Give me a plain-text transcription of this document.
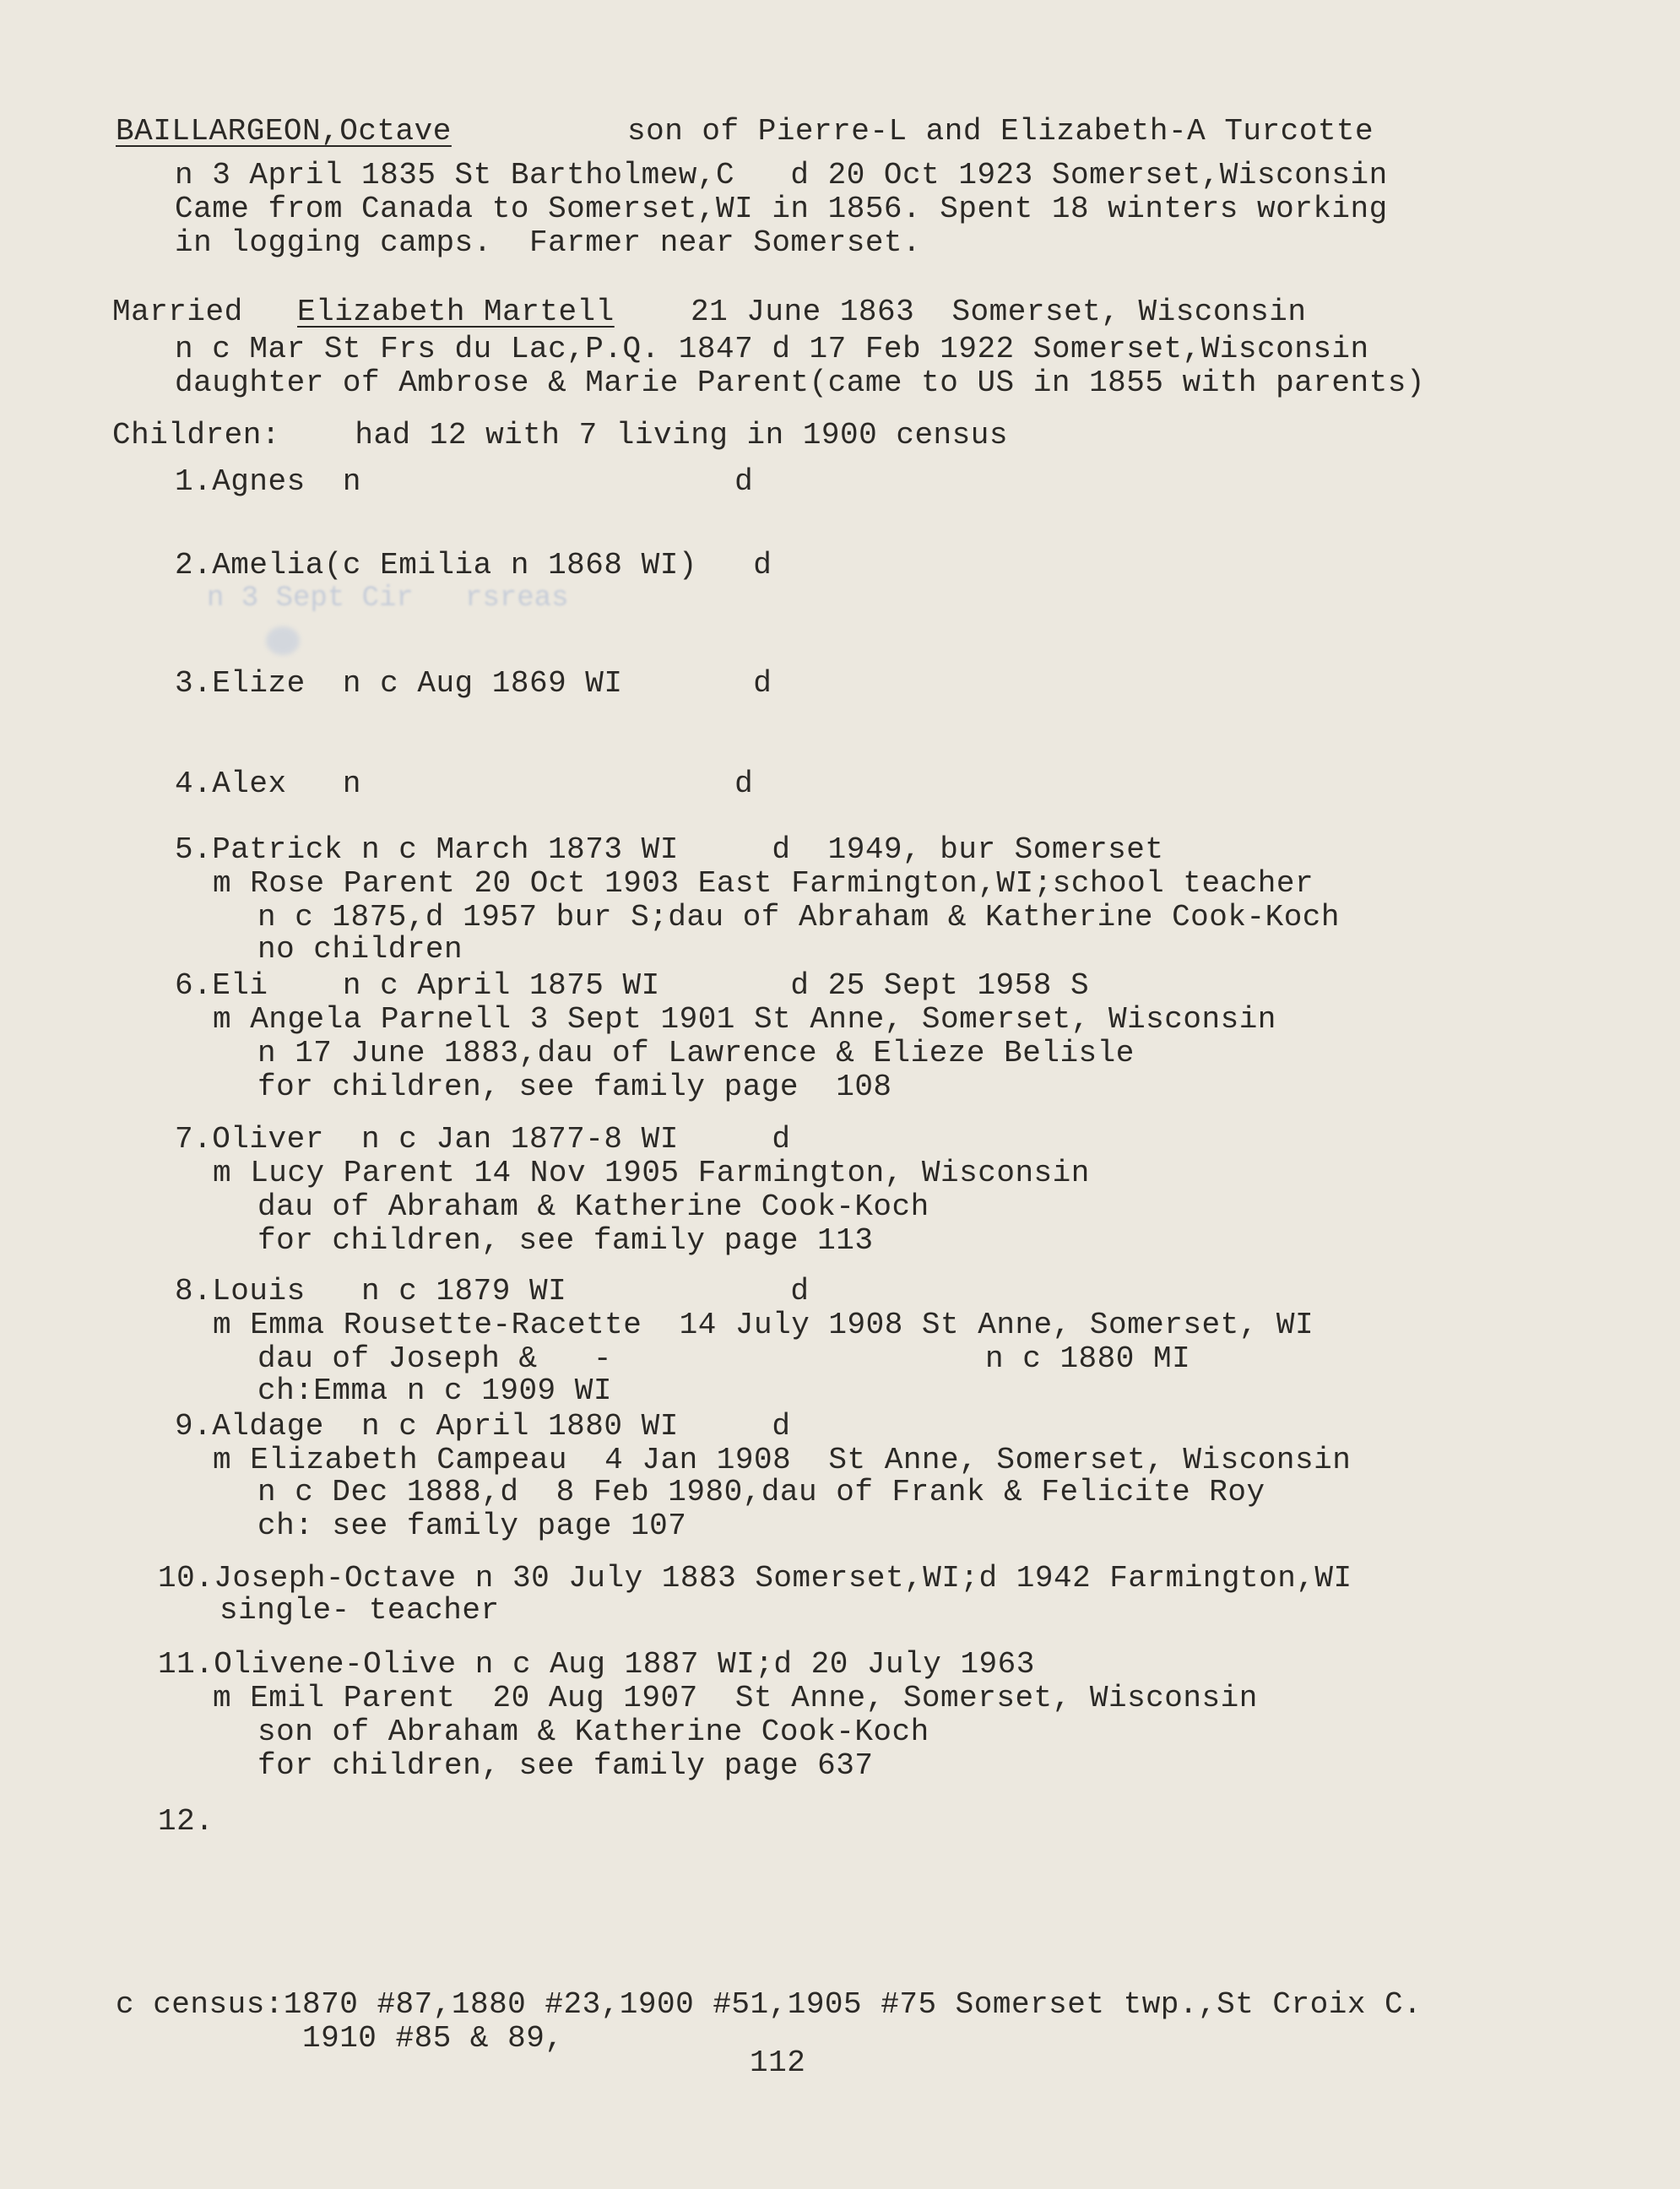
BAILLARGEON,Octave	son of Pierre-L and Elizabeth-A Turcotte
n 3 April 1835 St Bartholmew,C   d 20 Oct 1923 Somerset,Wisconsin
Came from Canada to Somerset,WI in 1856. Spent 18 winters working
in logging camps.  Farmer near Somerset.
Married Elizabeth Martell	21 June 1863  Somerset, Wisconsin
n c Mar St Frs du Lac,P.Q. 1847 d 17 Feb 1922 Somerset,Wisconsin
daughter of Ambrose & Marie Parent(came to US in 1855 with parents)
Children:    had 12 with 7 living in 1900 census
1.Agnes  n                    d
2.Amelia(c Emilia n 1868 WI)   d
n 3 Sept Cir   rsreas
3.Elize  n c Aug 1869 WI       d
4.Alex   n                    d
5.Patrick n c March 1873 WI     d  1949, bur Somerset
m Rose Parent 20 Oct 1903 East Farmington,WI;school teacher
n c 1875,d 1957 bur S;dau of Abraham & Katherine Cook-Koch
no children
6.Eli    n c April 1875 WI       d 25 Sept 1958 S
m Angela Parnell 3 Sept 1901 St Anne, Somerset, Wisconsin
n 17 June 1883,dau of Lawrence & Elieze Belisle
for children, see family page  108
7.Oliver  n c Jan 1877-8 WI     d
m Lucy Parent 14 Nov 1905 Farmington, Wisconsin
dau of Abraham & Katherine Cook-Koch
for children, see family page 113
8.Louis   n c 1879 WI            d
m Emma Rousette-Racette  14 July 1908 St Anne, Somerset, WI
dau of Joseph &   -                    n c 1880 MI
ch:Emma n c 1909 WI
9.Aldage  n c April 1880 WI     d
m Elizabeth Campeau  4 Jan 1908  St Anne, Somerset, Wisconsin
n c Dec 1888,d  8 Feb 1980,dau of Frank & Felicite Roy
ch: see family page 107
10.Joseph-Octave n 30 July 1883 Somerset,WI;d 1942 Farmington,WI
single- teacher
11.Olivene-Olive n c Aug 1887 WI;d 20 July 1963
m Emil Parent  20 Aug 1907  St Anne, Somerset, Wisconsin
son of Abraham & Katherine Cook-Koch
for children, see family page 637
12.
c census:1870 #87,1880 #23,1900 #51,1905 #75 Somerset twp.,St Croix C.
1910 #85 & 89,
112
